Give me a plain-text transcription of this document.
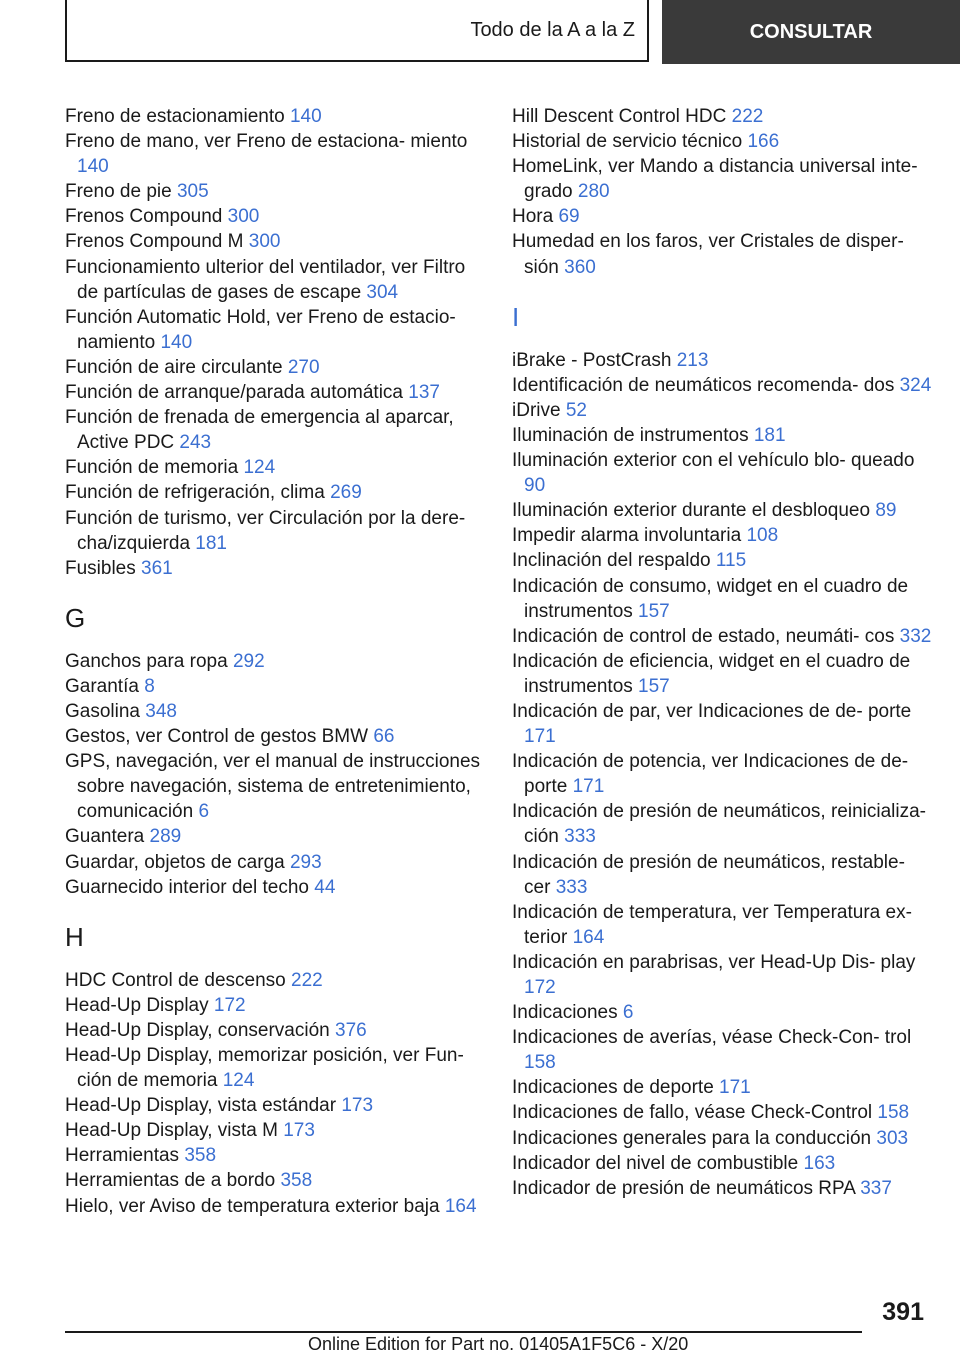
Todo de la A a la Z	CONSULTAR
Freno de estacionamiento 140
Freno de mano, ver Freno de estaciona- miento 140
Freno de pie 305
Frenos Compound 300
Frenos Compound M 300
Funcionamiento ulterior del ventilador, ver Filtro de partículas de gases de escape 304
Función Automatic Hold, ver Freno de estacio- namiento 140
Función de aire circulante 270
Función de arranque/parada automática 137
Función de frenada de emergencia al aparcar, Active PDC 243
Función de memoria 124
Función de refrigeración, clima 269
Función de turismo, ver Circulación por la dere- cha/izquierda 181
Fusibles 361
G
Ganchos para ropa 292
Garantía 8
Gasolina 348
Gestos, ver Control de gestos BMW 66
GPS, navegación, ver el manual de instrucciones sobre navegación, sistema de entretenimiento, comunicación 6
Guantera 289
Guardar, objetos de carga 293
Guarnecido interior del techo 44
H
HDC Control de descenso 222
Head-Up Display 172
Head-Up Display, conservación 376
Head-Up Display, memorizar posición, ver Fun- ción de memoria 124
Head-Up Display, vista estándar 173
Head-Up Display, vista M 173
Herramientas 358
Herramientas de a bordo 358
Hielo, ver Aviso de temperatura exterior baja 164
Hill Descent Control HDC 222
Historial de servicio técnico 166
HomeLink, ver Mando a distancia universal inte- grado 280
Hora 69
Humedad en los faros, ver Cristales de disper- sión 360
I
iBrake - PostCrash 213
Identificación de neumáticos recomenda- dos 324
iDrive 52
Iluminación de instrumentos 181
Iluminación exterior con el vehículo blo- queado 90
Iluminación exterior durante el desbloqueo 89
Impedir alarma involuntaria 108
Inclinación del respaldo 115
Indicación de consumo, widget en el cuadro de instrumentos 157
Indicación de control de estado, neumáti- cos 332
Indicación de eficiencia, widget en el cuadro de instrumentos 157
Indicación de par, ver Indicaciones de de- porte 171
Indicación de potencia, ver Indicaciones de de- porte 171
Indicación de presión de neumáticos, reinicializa- ción 333
Indicación de presión de neumáticos, restable- cer 333
Indicación de temperatura, ver Temperatura ex- terior 164
Indicación en parabrisas, ver Head-Up Dis- play 172
Indicaciones 6
Indicaciones de averías, véase Check-Con- trol 158
Indicaciones de deporte 171
Indicaciones de fallo, véase Check-Control 158
Indicaciones generales para la conducción 303
Indicador del nivel de combustible 163
Indicador de presión de neumáticos RPA 337
391
Online Edition for Part no. 01405A1F5C6 - X/20
